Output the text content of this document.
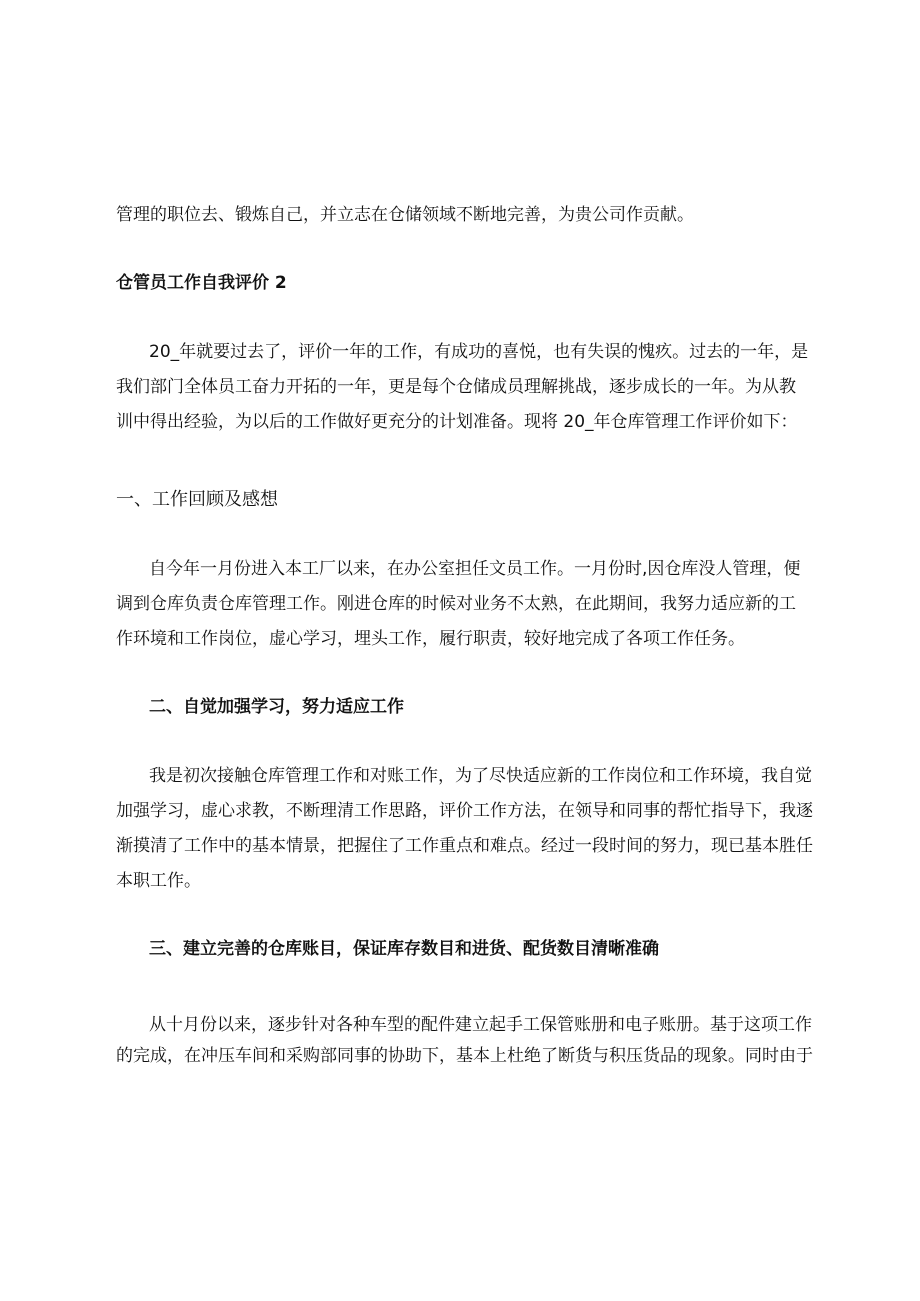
管理的职位去、锻炼自己，并立志在仓储领域不断地完善，为贵公司作贡献。
仓管员工作自我评价 2
20_年就要过去了，评价一年的工作，有成功的喜悦，也有失误的愧疚。过去的一年，是
我们部门全体员工奋力开拓的一年，更是每个仓储成员理解挑战，逐步成长的一年。为从教
训中得出经验，为以后的工作做好更充分的计划准备。现将 20_年仓库管理工作评价如下：
一、工作回顾及感想
自今年一月份进入本工厂以来，在办公室担任文员工作。一月份时,因仓库没人管理，便
调到仓库负责仓库管理工作。刚进仓库的时候对业务不太熟，在此期间，我努力适应新的工
作环境和工作岗位，虚心学习，埋头工作，履行职责，较好地完成了各项工作任务。
二、自觉加强学习，努力适应工作
我是初次接触仓库管理工作和对账工作，为了尽快适应新的工作岗位和工作环境，我自觉
加强学习，虚心求教，不断理清工作思路，评价工作方法，在领导和同事的帮忙指导下，我逐
渐摸清了工作中的基本情景，把握住了工作重点和难点。经过一段时间的努力，现已基本胜任
本职工作。
三、建立完善的仓库账目，保证库存数目和进货、配货数目清晰准确
从十月份以来，逐步针对各种车型的配件建立起手工保管账册和电子账册。基于这项工作
的完成，在冲压车间和采购部同事的协助下，基本上杜绝了断货与积压货品的现象。同时由于
